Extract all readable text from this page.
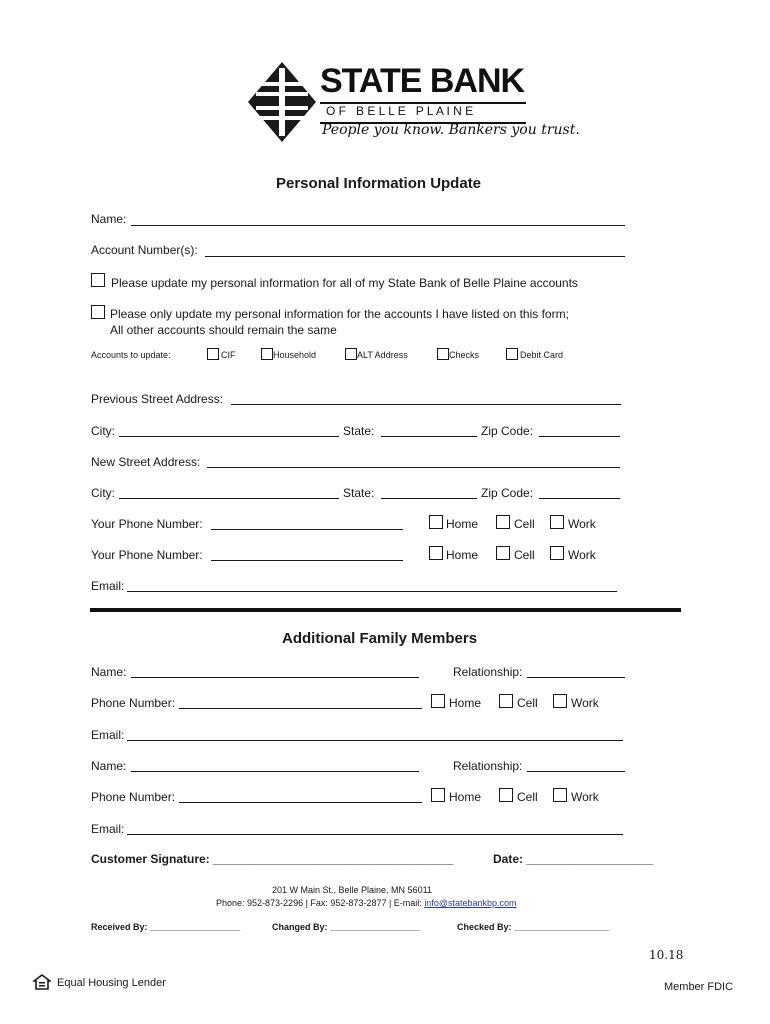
STATE BANK
O F   B E L L E   P L A I N E
People you know. Bankers you trust.
Personal Information Update
Name:
Account Number(s):
Please update my personal information for all of my State Bank of Belle Plaine accounts
Please only update my personal information for the accounts I have listed on this form;
All other accounts should remain the same
Accounts to update:	CIF	Household	ALT Address	Checks	Debit Card
Previous Street Address:
City:	State:	Zip Code:
New Street Address:
City:	State:	Zip Code:
Your Phone Number:	Home	Cell	Work
Your Phone Number:	Home	Cell	Work
Email:
Additional Family Members
Name:	Relationship:
Phone Number:	Home	Cell	Work
Email:
Name:	Relationship:
Phone Number:	Home	Cell	Work
Email:
Customer Signature: ____________________________________	Date: ___________________
201 W Main St., Belle Plaine, MN 56011
Phone: 952-873-2296 | Fax: 952-873-2877 | E-mail: info@statebankbp.com
Received By: __________________	Changed By: __________________	Checked By: ___________________
10.18
Equal Housing Lender	Member FDIC
